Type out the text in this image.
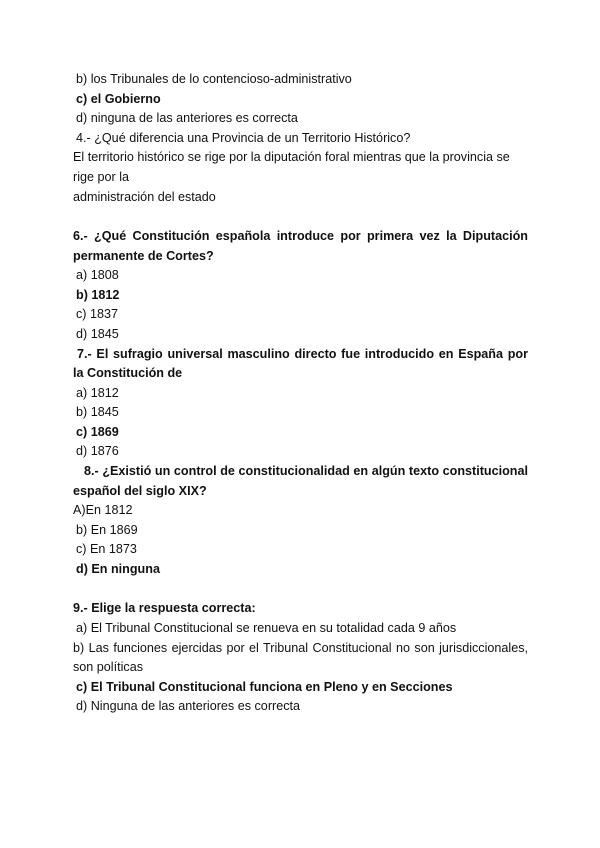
b) los Tribunales de lo contencioso-administrativo
c) el Gobierno
d) ninguna de las anteriores es correcta
4.- ¿Qué diferencia una Provincia de un Territorio Histórico?
El territorio histórico se rige por la diputación foral mientras que la provincia se rige por la
administración del estado
6.- ¿Qué Constitución española introduce por primera vez la Diputación permanente de Cortes?
a) 1808
b) 1812
c) 1837
d) 1845
7.- El sufragio universal masculino directo fue introducido en España por la Constitución de
a) 1812
b) 1845
c) 1869
d) 1876
8.- ¿Existió un control de constitucionalidad en algún texto constitucional español del siglo XIX?
A)En 1812
b) En 1869
c) En 1873
d) En ninguna
9.- Elige la respuesta correcta:
a) El Tribunal Constitucional se renueva en su totalidad cada 9 años
b) Las funciones ejercidas por el Tribunal Constitucional no son jurisdiccionales, son políticas
c) El Tribunal Constitucional funciona en Pleno y en Secciones
d) Ninguna de las anteriores es correcta
